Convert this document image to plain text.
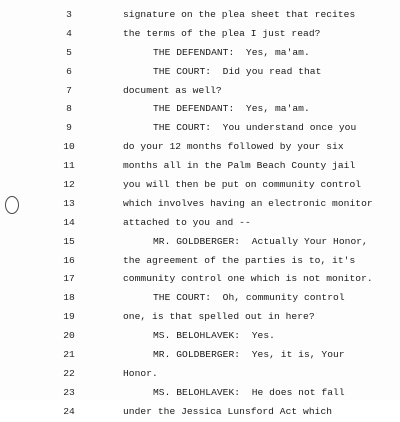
3	signature on the plea sheet that recites
4	the terms of the plea I just read?
5	THE DEFENDANT:  Yes, ma'am.
6	THE COURT:  Did you read that
7	document as well?
8	THE DEFENDANT:  Yes, ma'am.
9	THE COURT:  You understand once you
10	do your 12 months followed by your six
11	months all in the Palm Beach County jail
12	you will then be put on community control
13	which involves having an electronic monitor
14	attached to you and --
15	MR. GOLDBERGER:  Actually Your Honor,
16	the agreement of the parties is to, it's
17	community control one which is not monitor.
18	THE COURT:  Oh, community control
19	one, is that spelled out in here?
20	MS. BELOHLAVEK:  Yes.
21	MR. GOLDBERGER:  Yes, it is, Your
22	Honor.
23	MS. BELOHLAVEK:  He does not fall
24	under the Jessica Lunsford Act which
